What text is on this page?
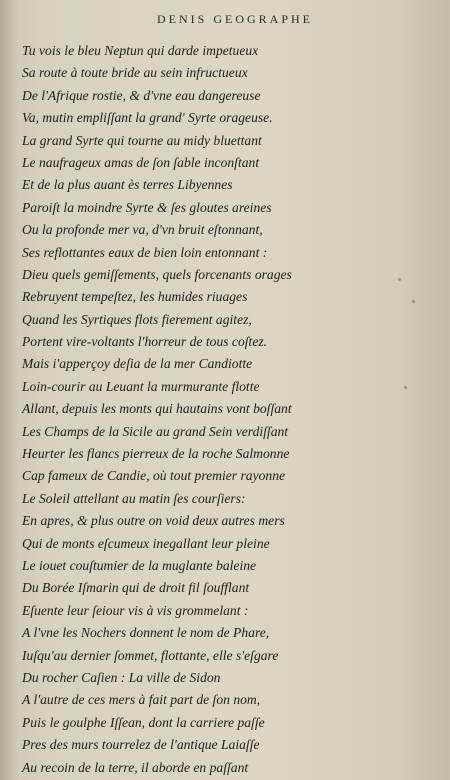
DENIS GEOGRAPHE
Tu vois le bleu Neptun qui darde impetueux
Sa route à toute bride au sein infructueux
De l'Afrique rostie, & d'vne eau dangereuse
Va, mutin empliſſant la grand' Syrte orageuse.
La grand Syrte qui tourne au midy bluettant
Le naufrageux amas de ſon ſable inconſtant
Et de la plus auant ès terres Libyennes
Paroiſt la moindre Syrte & ſes gloutes areines
Ou la profonde mer va, d'vn bruit eſtonnant,
Ses reflottantes eaux de bien loin entonnant :
Dieu quels gemiſſements, quels forcenants orages
Rebruyent tempeſtez, les humides riuages
Quand les Syrtiques flots fierement agitez,
Portent vire-voltants l'horreur de tous coſtez.
Mais i'apperçoy deſia de la mer Candiotte
Loin-courir au Leuant la murmurante flotte
Allant, depuis les monts qui hautains vont boſſant
Les Champs de la Sicile au grand Sein verdiſſant
Heurter les flancs pierreux de la roche Salmonne
Cap fameux de Candie, où tout premier rayonne
Le Soleil attellant au matin ſes courſiers:
En apres, & plus outre on void deux autres mers
Qui de monts eſcumeux inegallant leur pleine
Le iouet couſtumier de la muglante baleine
Du Borée Iſmarin qui de droit fil ſoufflant
Eſuente leur ſeiour vis à vis grommelant :
A l'vne les Nochers donnent le nom de Phare,
Iuſqu'au dernier ſommet, flottante, elle s'eſgare
Du rocher Caſien : La ville de Sidon
A l'autre de ces mers à fait part de ſon nom,
Puis le goulphe Iſſean, dont la carriere paſſe
Pres des murs tourrelez de l'antique Laiaſſe
Au recoin de la terre, il aborde en paſſant
